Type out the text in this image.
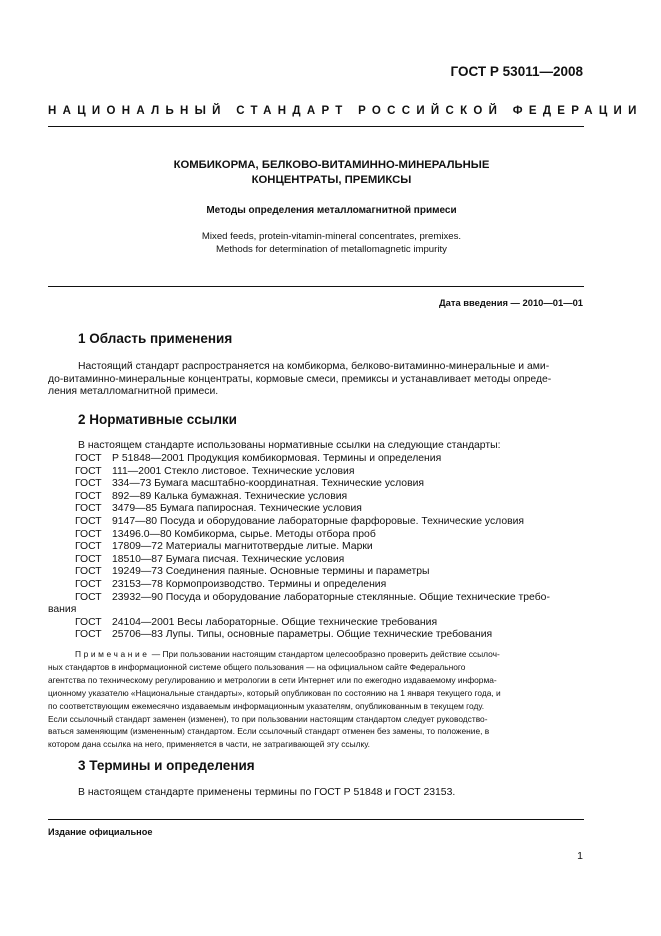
ГОСТ Р 53011—2008
НАЦИОНАЛЬНЫЙ СТАНДАРТ РОССИЙСКОЙ ФЕДЕРАЦИИ
КОМБИКОРМА, БЕЛКОВО-ВИТАМИННО-МИНЕРАЛЬНЫЕ
КОНЦЕНТРАТЫ, ПРЕМИКСЫ
Методы определения металломагнитной примеси
Mixed feeds, protein-vitamin-mineral concentrates, premixes.
Methods for determination of metallomagnetic impurity
Дата введения — 2010—01—01
1 Область применения
Настоящий стандарт распространяется на комбикорма, белково-витаминно-минеральные и ами-
до-витаминно-минеральные концентраты, кормовые смеси, премиксы и устанавливает методы опреде-
ления металломагнитной примеси.
2 Нормативные ссылки
В настоящем стандарте использованы нормативные ссылки на следующие стандарты:
ГОСТ Р 51848—2001 Продукция комбикормовая. Термины и определения
ГОСТ 111—2001 Стекло листовое. Технические условия
ГОСТ 334—73 Бумага масштабно-координатная. Технические условия
ГОСТ 892—89 Калька бумажная. Технические условия
ГОСТ 3479—85 Бумага папиросная. Технические условия
ГОСТ 9147—80 Посуда и оборудование лабораторные фарфоровые. Технические условия
ГОСТ 13496.0—80 Комбикорма, сырье. Методы отбора проб
ГОСТ 17809—72 Материалы магнитотвердые литые. Марки
ГОСТ 18510—87 Бумага писчая. Технические условия
ГОСТ 19249—73 Соединения паяные. Основные термины и параметры
ГОСТ 23153—78 Кормопроизводство. Термины и определения
ГОСТ 23932—90 Посуда и оборудование лабораторные стеклянные. Общие технические требо-
вания
ГОСТ 24104—2001 Весы лабораторные. Общие технические требования
ГОСТ 25706—83 Лупы. Типы, основные параметры. Общие технические требования
Примечание — При пользовании настоящим стандартом целесообразно проверить действие ссылоч-
ных стандартов в информационной системе общего пользования — на официальном сайте Федерального
агентства по техническому регулированию и метрологии в сети Интернет или по ежегодно издаваемому информа-
ционному указателю «Национальные стандарты», который опубликован по состоянию на 1 января текущего года, и
по соответствующим ежемесячно издаваемым информационным указателям, опубликованным в текущем году.
Если ссылочный стандарт заменен (изменен), то при пользовании настоящим стандартом следует руководство-
ваться заменяющим (измененным) стандартом. Если ссылочный стандарт отменен без замены, то положение, в
котором дана ссылка на него, применяется в части, не затрагивающей эту ссылку.
3 Термины и определения
В настоящем стандарте применены термины по ГОСТ Р 51848 и ГОСТ 23153.
Издание официальное
1
